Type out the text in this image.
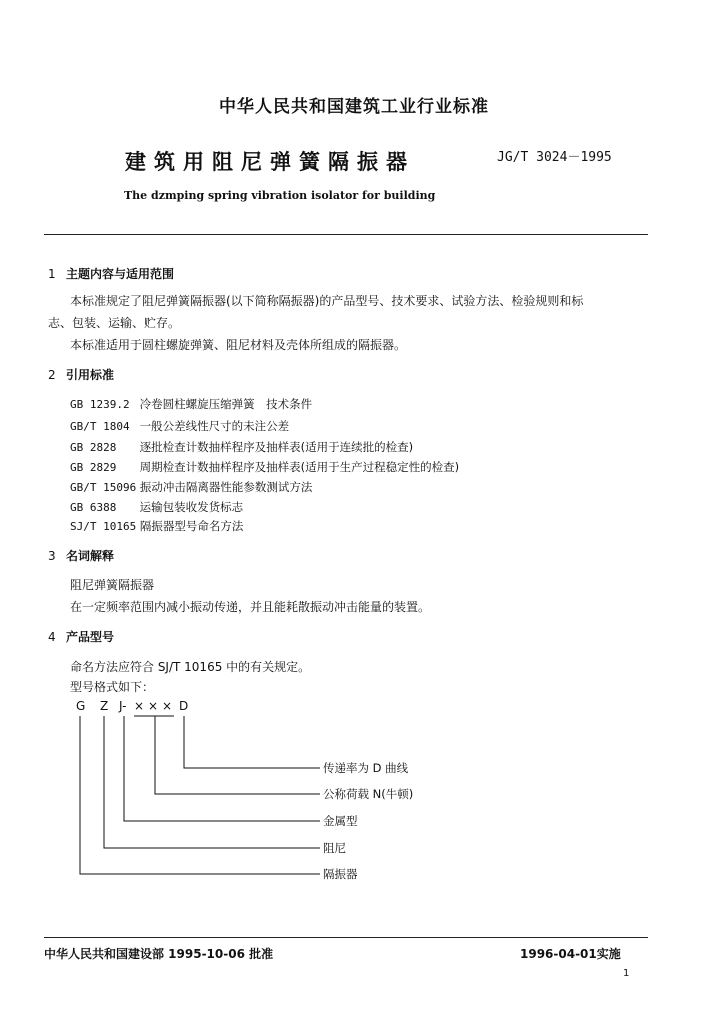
中华人民共和国建筑工业行业标准
建筑用阻尼弹簧隔振器	JG/T 3024－1995
The dzmping spring vibration isolator for building
1 主题内容与适用范围
本标准规定了阻尼弹簧隔振器(以下简称隔振器)的产品型号、技术要求、试验方法、检验规则和标
志、包装、运输、贮存。
本标准适用于圆柱螺旋弹簧、阻尼材料及壳体所组成的隔振器。
2 引用标准
GB 1239.2 冷卷圆柱螺旋压缩弹簧　技术条件
GB/T 1804 一般公差线性尺寸的未注公差
GB 2828 逐批检查计数抽样程序及抽样表(适用于连续批的检查)
GB 2829 周期检查计数抽样程序及抽样表(适用于生产过程稳定性的检查)
GB/T 15096 振动冲击隔离器性能参数测试方法
GB 6388 运输包装收发货标志
SJ/T 10165 隔振器型号命名方法
3 名词解释
阻尼弹簧隔振器
在一定频率范围内减小振动传递，并且能耗散振动冲击能量的装置。
4 产品型号
命名方法应符合 SJ/T 10165 中的有关规定。
型号格式如下：
G Z J- × × × D
传递率为 D 曲线
公称荷载 N(牛顿)
金属型
阻尼
隔振器
中华人民共和国建设部 1995-10-06 批准	1996-04-01实施
1
